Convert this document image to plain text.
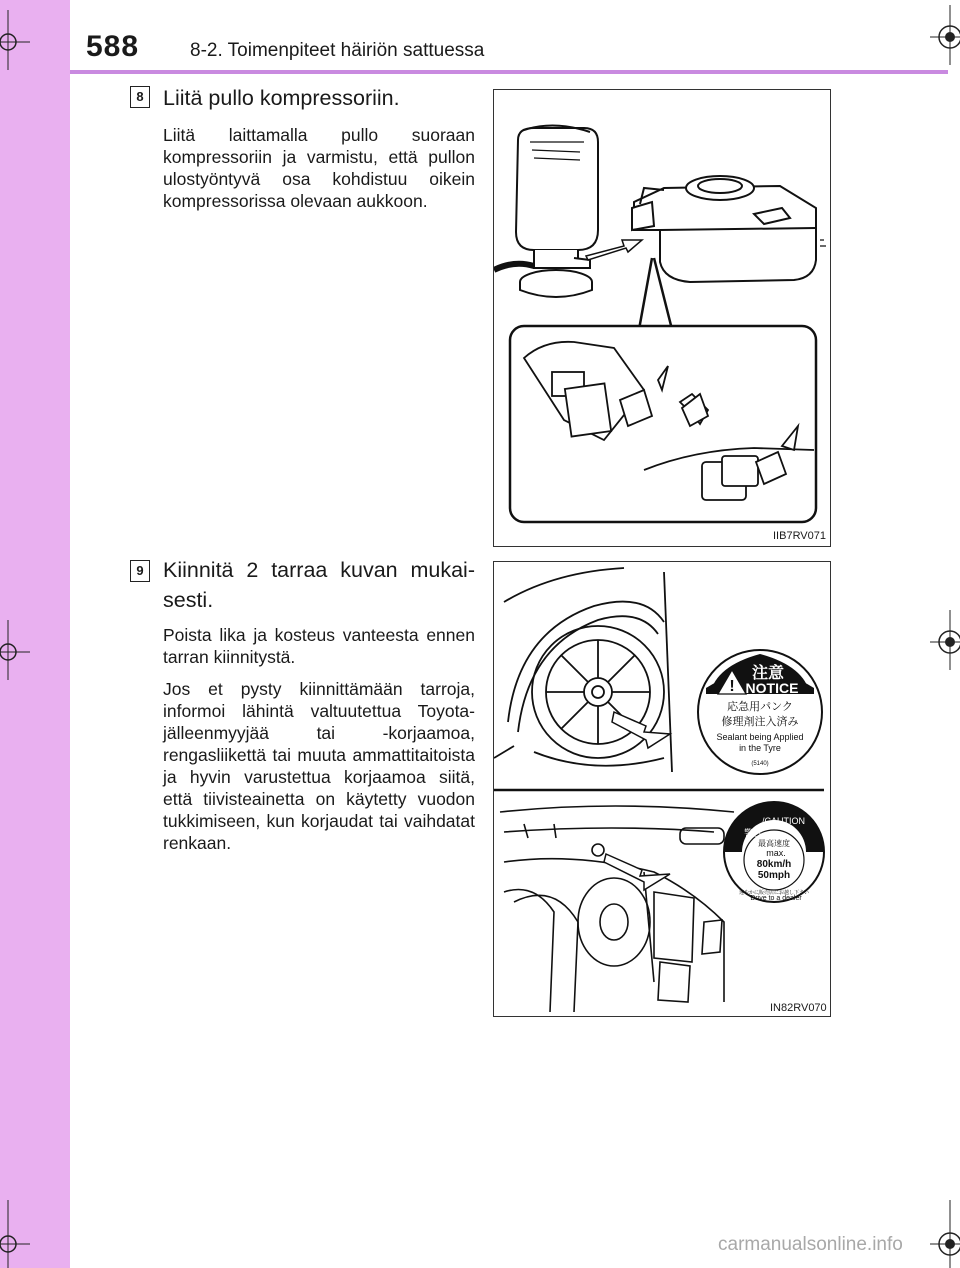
588	8-2. Toimenpiteet häiriön sattuessa
8 Liitä pullo kompressoriin.
Liitä laittamalla pullo suoraan kompressoriin ja varmistu, että pullon ulostyöntyvä osa kohdistuu oikein kompressorissa olevaan aukkoon.
IIB7RV071
9 Kiinnitä 2 tarraa kuvan mukai-
sesti.
Poista lika ja kosteus vanteesta ennen tarran kiinnitystä.
Jos et pysty kiinnittämään tarroja, informoi lähintä valtuutettua Toyota-jälleenmyyjää tai -korjaamoa, rengasliikettä tai muuta ammattitaitoista ja hyvin varustettua korjaamoa siitä, että tiivisteainetta on käytetty vuodon tukkimiseen, kun korjaudat tai vaihdatat renkaan.
!
注意
NOTICE
応急用パンク
修理剤注入済み
Sealant being Applied
in the Tyre
(5140)
警告
/CAUTION
最高速度
max.
80km/h
50mph
速やかに販売店にお越し下さい
Drive to a dealer
IN82RV070
carmanualsonline.info
